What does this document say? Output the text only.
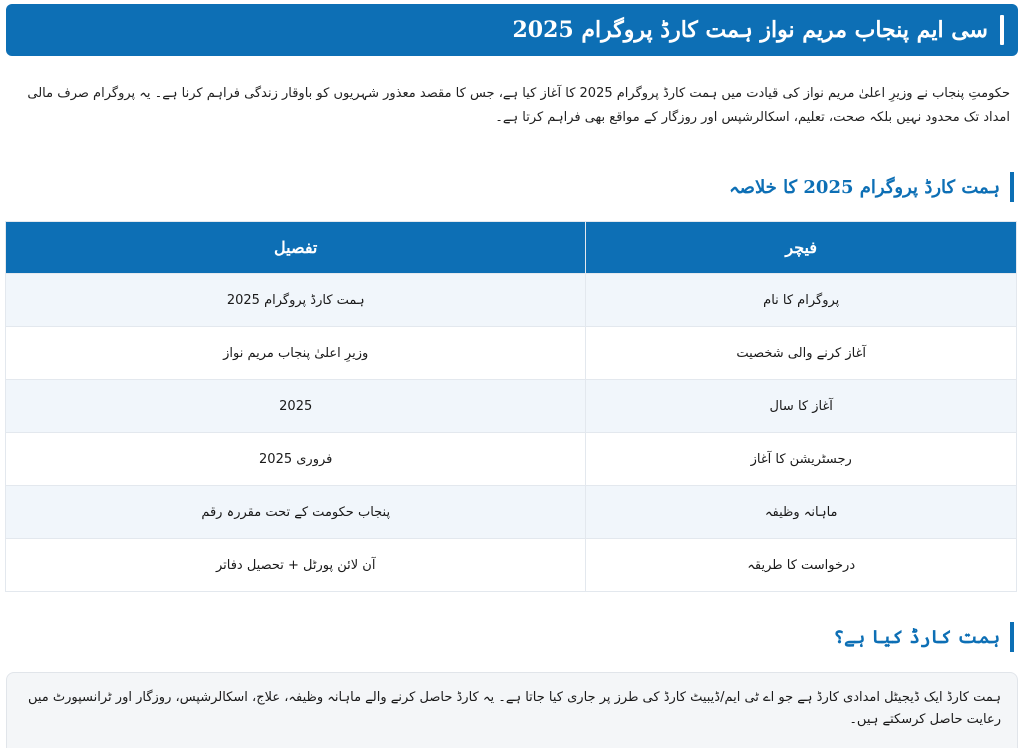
سی ایم پنجاب مریم نواز ہمت کارڈ پروگرام 2025

حکومتِ پنجاب نے وزیرِ اعلیٰ مریم نواز کی قیادت میں ہمت کارڈ پروگرام 2025 کا آغاز کیا ہے، جس کا مقصد معذور شہریوں کو باوقار زندگی فراہم کرنا ہے۔ یہ پروگرام صرف مالی امداد تک محدود نہیں بلکہ صحت، تعلیم، اسکالرشپس اور روزگار کے مواقع بھی فراہم کرتا ہے۔

ہمت کارڈ پروگرام 2025 کا خلاصہ
فیچر	تفصیل
پروگرام کا نام	ہمت کارڈ پروگرام 2025
آغاز کرنے والی شخصیت	وزیرِ اعلیٰ پنجاب مریم نواز
آغاز کا سال	2025
رجسٹریشن کا آغاز	فروری 2025
ماہانہ وظیفہ	پنجاب حکومت کے تحت مقررہ رقم
درخواست کا طریقہ	آن لائن پورٹل + تحصیل دفاتر
ہمت کارڈ کیا ہے؟

ہمت کارڈ ایک ڈیجیٹل امدادی کارڈ ہے جو اے ٹی ایم/ڈیبیٹ کارڈ کی طرز پر جاری کیا جاتا ہے۔ یہ کارڈ حاصل کرنے والے ماہانہ وظیفہ، علاج، اسکالرشپس، روزگار اور ٹرانسپورٹ میں رعایت حاصل کرسکتے ہیں۔
